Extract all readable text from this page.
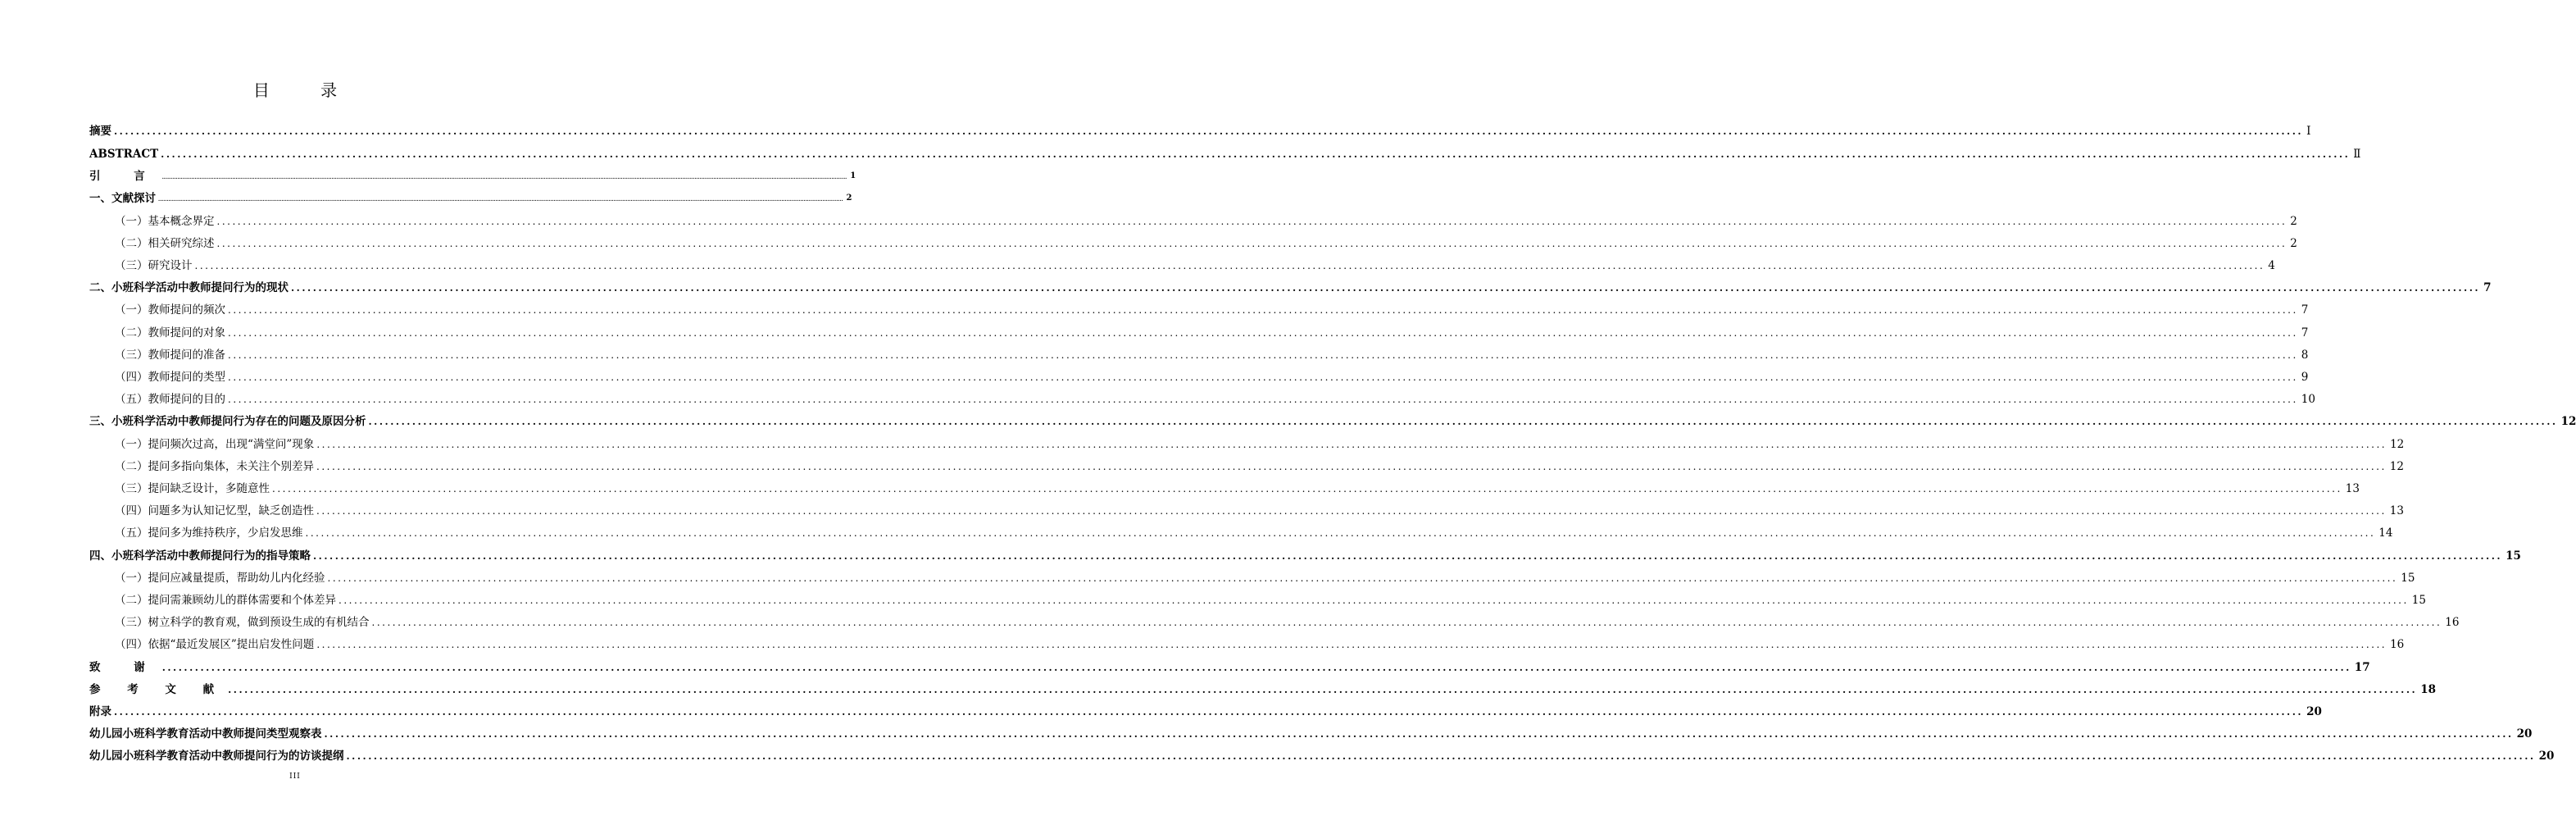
目 录
摘要 ................................................................................................................................................................................................................................................................................................................................................................................................................ Ⅰ
ABSTRACT ................................................................................................................................................................................................................................................................................................................................................................................................................ Ⅱ
引 言 ................................................................................................................................................................................................................................................................................................................................................................................................................ 1
一、文献探讨 ................................................................................................................................................................................................................................................................................................................................................................................................................ 2
（一）基本概念界定 ................................................................................................................................................................................................................................................................................................................................................................................................................ 2
（二）相关研究综述 ................................................................................................................................................................................................................................................................................................................................................................................................................ 2
（三）研究设计 ................................................................................................................................................................................................................................................................................................................................................................................................................ 4
二、小班科学活动中教师提问行为的现状 ................................................................................................................................................................................................................................................................................................................................................................................................................ 7
（一）教师提问的频次 ................................................................................................................................................................................................................................................................................................................................................................................................................ 7
（二）教师提问的对象 ................................................................................................................................................................................................................................................................................................................................................................................................................ 7
（三）教师提问的准备 ................................................................................................................................................................................................................................................................................................................................................................................................................ 8
（四）教师提问的类型 ................................................................................................................................................................................................................................................................................................................................................................................................................ 9
（五）教师提问的目的 ................................................................................................................................................................................................................................................................................................................................................................................................................ 10
三、小班科学活动中教师提问行为存在的问题及原因分析 ................................................................................................................................................................................................................................................................................................................................................................................................................ 12
（一）提问频次过高，出现“满堂问”现象 ................................................................................................................................................................................................................................................................................................................................................................................................................ 12
（二）提问多指向集体，未关注个别差异 ................................................................................................................................................................................................................................................................................................................................................................................................................ 12
（三）提问缺乏设计，多随意性 ................................................................................................................................................................................................................................................................................................................................................................................................................ 13
（四）问题多为认知记忆型，缺乏创造性 ................................................................................................................................................................................................................................................................................................................................................................................................................ 13
（五）提问多为维持秩序，少启发思维 ................................................................................................................................................................................................................................................................................................................................................................................................................ 14
四、小班科学活动中教师提问行为的指导策略 ................................................................................................................................................................................................................................................................................................................................................................................................................ 15
（一）提问应减量提质，帮助幼儿内化经验 ................................................................................................................................................................................................................................................................................................................................................................................................................ 15
（二）提问需兼顾幼儿的群体需要和个体差异 ................................................................................................................................................................................................................................................................................................................................................................................................................ 15
（三）树立科学的教育观，做到预设生成的有机结合 ................................................................................................................................................................................................................................................................................................................................................................................................................ 16
（四）依据“最近发展区”提出启发性问题 ................................................................................................................................................................................................................................................................................................................................................................................................................ 16
致 谢 ................................................................................................................................................................................................................................................................................................................................................................................................................ 17
参 考 文 献 ................................................................................................................................................................................................................................................................................................................................................................................................................ 18
附录 ................................................................................................................................................................................................................................................................................................................................................................................................................ 20
幼儿园小班科学教育活动中教师提问类型观察表 ................................................................................................................................................................................................................................................................................................................................................................................................................ 20
幼儿园小班科学教育活动中教师提问行为的访谈提纲 ................................................................................................................................................................................................................................................................................................................................................................................................................ 20
III
